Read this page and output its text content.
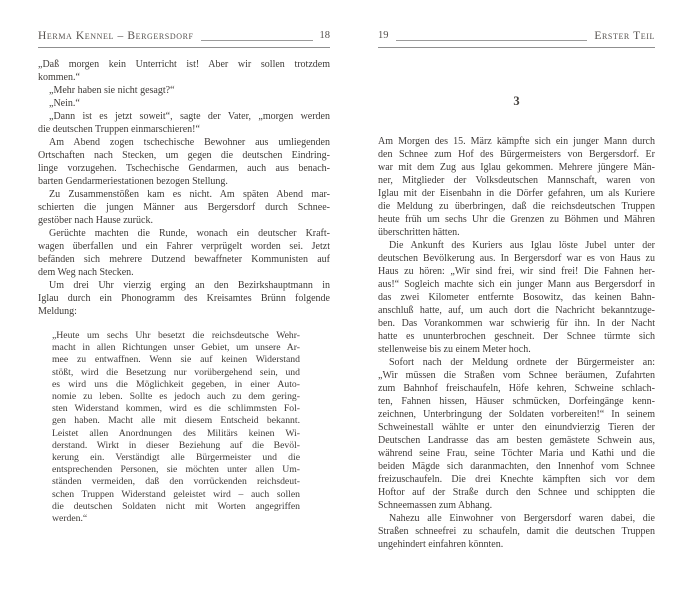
Herma Kennel – Bergersdorf	18
„Daß morgen kein Unterricht ist! Aber wir sollen trotzdem
kommen.“
„Mehr haben sie nicht gesagt?“
„Nein.“
„Dann ist es jetzt soweit“, sagte der Vater, „morgen werden
die deutschen Truppen einmarschieren!“
Am Abend zogen tschechische Bewohner aus umliegenden
Ortschaften nach Stecken, um gegen die deutschen Eindring-
linge vorzugehen. Tschechische Gendarmen, auch aus benach-
barten Gendarmeriestationen bezogen Stellung.
Zu Zusammenstößen kam es nicht. Am späten Abend mar-
schierten die jungen Männer aus Bergersdorf durch Schnee-
gestöber nach Hause zurück.
Gerüchte machten die Runde, wonach ein deutscher Kraft-
wagen überfallen und ein Fahrer verprügelt worden sei. Jetzt
befänden sich mehrere Dutzend bewaffneter Kommunisten auf
dem Weg nach Stecken.
Um drei Uhr vierzig erging an den Bezirkshauptmann in
Iglau durch ein Phonogramm des Kreisamtes Brünn folgende
Meldung:
„Heute um sechs Uhr besetzt die reichsdeutsche Wehr-
macht in allen Richtungen unser Gebiet, um unsere Ar-
mee zu entwaffnen. Wenn sie auf keinen Widerstand
stößt, wird die Besetzung nur vorübergehend sein, und
es wird uns die Möglichkeit gegeben, in einer Auto-
nomie zu leben. Sollte es jedoch auch zu dem gering-
sten Widerstand kommen, wird es die schlimmsten Fol-
gen haben. Macht alle mit diesem Entscheid bekannt.
Leistet allen Anordnungen des Militärs keinen Wi-
derstand. Wirkt in dieser Beziehung auf die Bevöl-
kerung ein. Verständigt alle Bürgermeister und die
entsprechenden Personen, sie möchten unter allen Um-
ständen vermeiden, daß den vorrückenden reichsdeut-
schen Truppen Widerstand geleistet wird – auch sollen
die deutschen Soldaten nicht mit Worten angegriffen
werden.“
19	Erster Teil
3
Am Morgen des 15. März kämpfte sich ein junger Mann durch
den Schnee zum Hof des Bürgermeisters von Bergersdorf. Er
war mit dem Zug aus Iglau gekommen. Mehrere jüngere Män-
ner, Mitglieder der Volksdeutschen Mannschaft, waren von
Iglau mit der Eisenbahn in die Dörfer gefahren, um als Kuriere
die Meldung zu überbringen, daß die reichsdeutschen Truppen
heute früh um sechs Uhr die Grenzen zu Böhmen und Mähren
überschritten hätten.
Die Ankunft des Kuriers aus Iglau löste Jubel unter der
deutschen Bevölkerung aus. In Bergersdorf war es von Haus zu
Haus zu hören: „Wir sind frei, wir sind frei! Die Fahnen her-
aus!“ Sogleich machte sich ein junger Mann aus Bergersdorf in
das zwei Kilometer entfernte Bosowitz, das keinen Bahn-
anschluß hatte, auf, um auch dort die Nachricht bekanntzuge-
ben. Das Vorankommen war schwierig für ihn. In der Nacht
hatte es ununterbrochen geschneit. Der Schnee türmte sich
stellenweise bis zu einem Meter hoch.
Sofort nach der Meldung ordnete der Bürgermeister an:
„Wir müssen die Straßen vom Schnee beräumen, Zufahrten
zum Bahnhof freischaufeln, Höfe kehren, Schweine schlach-
ten, Fahnen hissen, Häuser schmücken, Dorfeingänge kenn-
zeichnen, Unterbringung der Soldaten vorbereiten!“ In seinem
Schweinestall wählte er unter den einundvierzig Tieren der
Deutschen Landrasse das am besten gemästete Schwein aus,
während seine Frau, seine Töchter Maria und Kathi und die
beiden Mägde sich daranmachten, den Innenhof vom Schnee
freizuschaufeln. Die drei Knechte kämpften sich vor dem
Hoftor auf der Straße durch den Schnee und schippten die
Schneemassen zum Abhang.
Nahezu alle Einwohner von Bergersdorf waren dabei, die
Straßen schneefrei zu schaufeln, damit die deutschen Truppen
ungehindert einfahren könnten.
